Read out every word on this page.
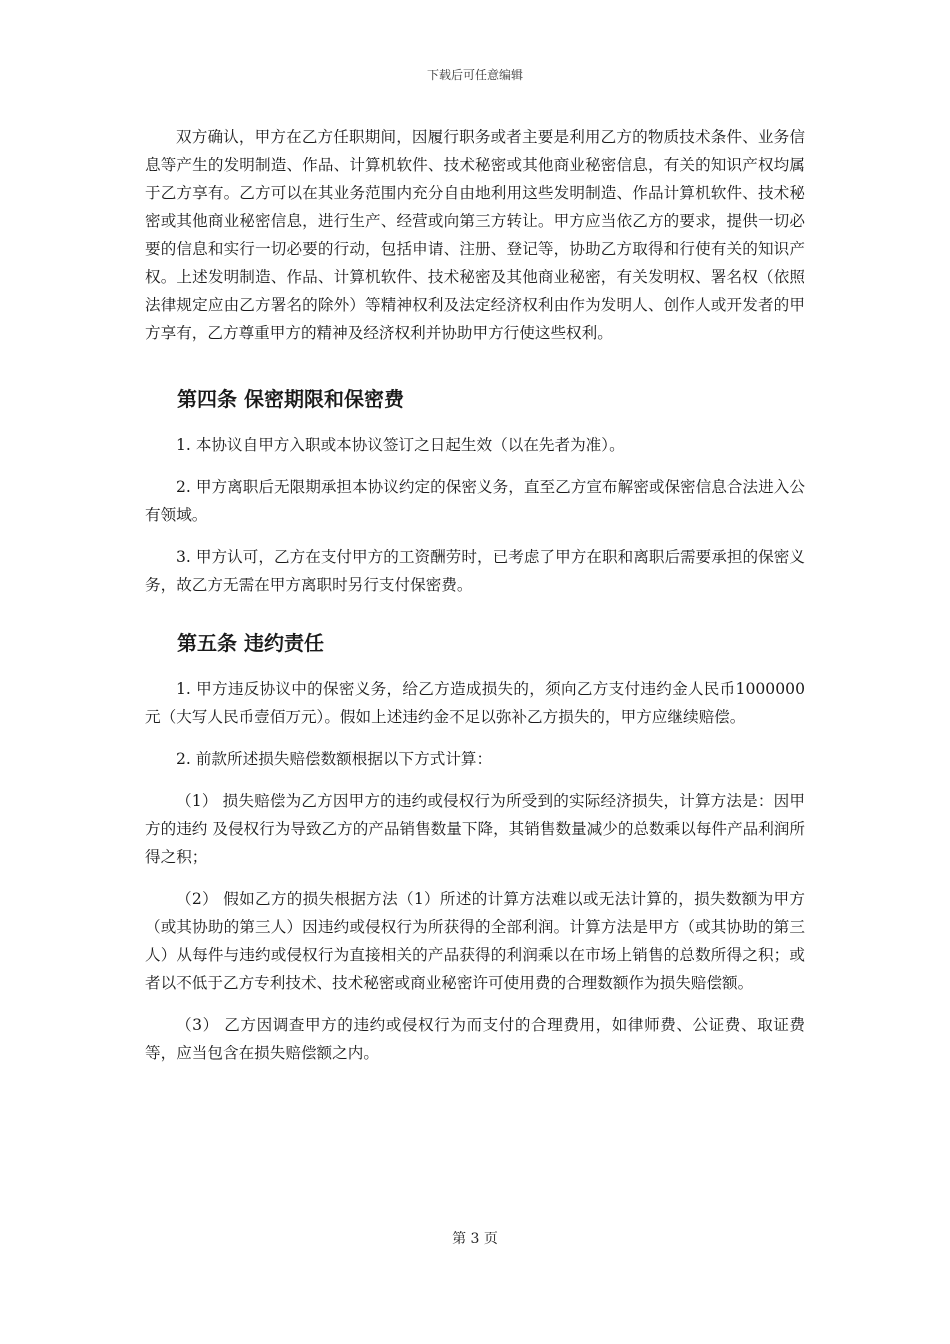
下载后可任意编辑

双方确认，甲方在乙方任职期间，因履行职务或者主要是利用乙方的物质技术条件、业务信息等产生的发明制造、作品、计算机软件、技术秘密或其他商业秘密信息，有关的知识产权均属于乙方享有。乙方可以在其业务范围内充分自由地利用这些发明制造、作品计算机软件、技术秘密或其他商业秘密信息，进行生产、经营或向第三方转让。甲方应当依乙方的要求，提供一切必要的信息和实行一切必要的行动，包括申请、注册、登记等，协助乙方取得和行使有关的知识产权。上述发明制造、作品、计算机软件、技术秘密及其他商业秘密，有关发明权、署名权（依照法律规定应由乙方署名的除外）等精神权利及法定经济权利由作为发明人、创作人或开发者的甲方享有，乙方尊重甲方的精神及经济权利并协助甲方行使这些权利。

第四条 保密期限和保密费

1. 本协议自甲方入职或本协议签订之日起生效（以在先者为准）。

2. 甲方离职后无限期承担本协议约定的保密义务，直至乙方宣布解密或保密信息合法进入公有领域。

3. 甲方认可，乙方在支付甲方的工资酬劳时，已考虑了甲方在职和离职后需要承担的保密义务，故乙方无需在甲方离职时另行支付保密费。

第五条 违约责任

1. 甲方违反协议中的保密义务，给乙方造成损失的，须向乙方支付违约金人民币1000000元（大写人民币壹佰万元）。假如上述违约金不足以弥补乙方损失的，甲方应继续赔偿。

2. 前款所述损失赔偿数额根据以下方式计算：

（1） 损失赔偿为乙方因甲方的违约或侵权行为所受到的实际经济损失，计算方法是：因甲方的违约 及侵权行为导致乙方的产品销售数量下降，其销售数量减少的总数乘以每件产品利润所得之积；

（2） 假如乙方的损失根据方法（1）所述的计算方法难以或无法计算的，损失数额为甲方（或其协助的第三人）因违约或侵权行为所获得的全部利润。计算方法是甲方（或其协助的第三人）从每件与违约或侵权行为直接相关的产品获得的利润乘以在市场上销售的总数所得之积；或者以不低于乙方专利技术、技术秘密或商业秘密许可使用费的合理数额作为损失赔偿额。

（3） 乙方因调查甲方的违约或侵权行为而支付的合理费用，如律师费、公证费、取证费等，应当包含在损失赔偿额之内。

第 3 页
